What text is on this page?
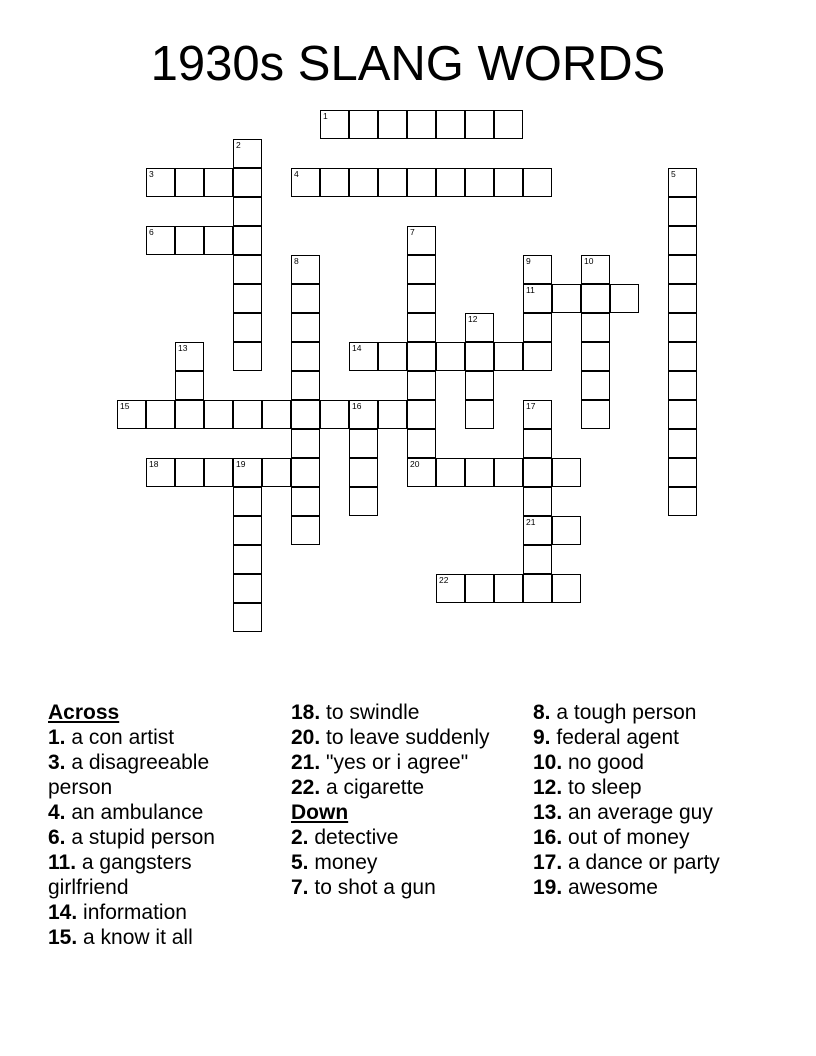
1930s SLANG WORDS
1
3	4
6
11
14
15	16
18	19	20
21
22
2
5
7
8	9	10
12
13
17
Across
1. a con artist
3. a disagreeable person
4. an ambulance
6. a stupid person
11. a gangsters girlfriend
14. information
15. a know it all
18. to swindle
20. to leave suddenly
21. "yes or i agree"
22. a cigarette
Down
2. detective
5. money
7. to shot a gun
8. a tough person
9. federal agent
10. no good
12. to sleep
13. an average guy
16. out of money
17. a dance or party
19. awesome
